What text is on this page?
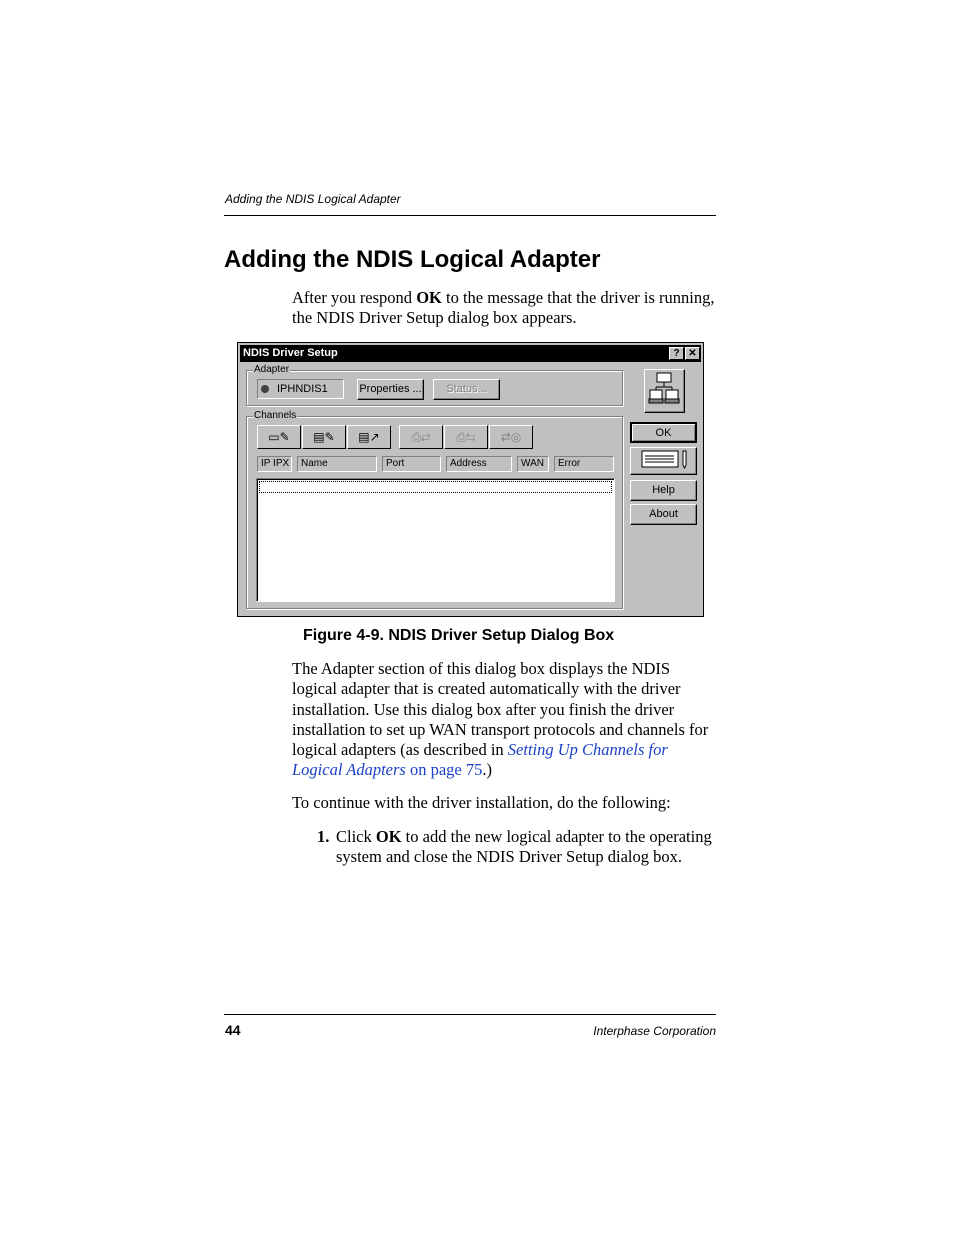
Adding the NDIS Logical Adapter
Adding the NDIS Logical Adapter
After you respond OK to the message that the driver is running, the NDIS Driver Setup dialog box appears.
NDIS Driver Setup	? ✕
Adapter
IPHNDIS1	Properties ...	Status...
Channels
▭✎	▤✎	▤↗	⎙⇄	⎙⇆	⇄◎
IP IPX	Name	Port	Address	WAN	Error
OK
Help
About
Figure 4-9. NDIS Driver Setup Dialog Box
The Adapter section of this dialog box displays the NDIS logical adapter that is created automatically with the driver installation. Use this dialog box after you finish the driver installation to set up WAN transport protocols and channels for logical adapters (as described in Setting Up Channels for Logical Adapters on page 75.)
To continue with the driver installation, do the following:
1. Click OK to add the new logical adapter to the operating system and close the NDIS Driver Setup dialog box.
44	Interphase Corporation
